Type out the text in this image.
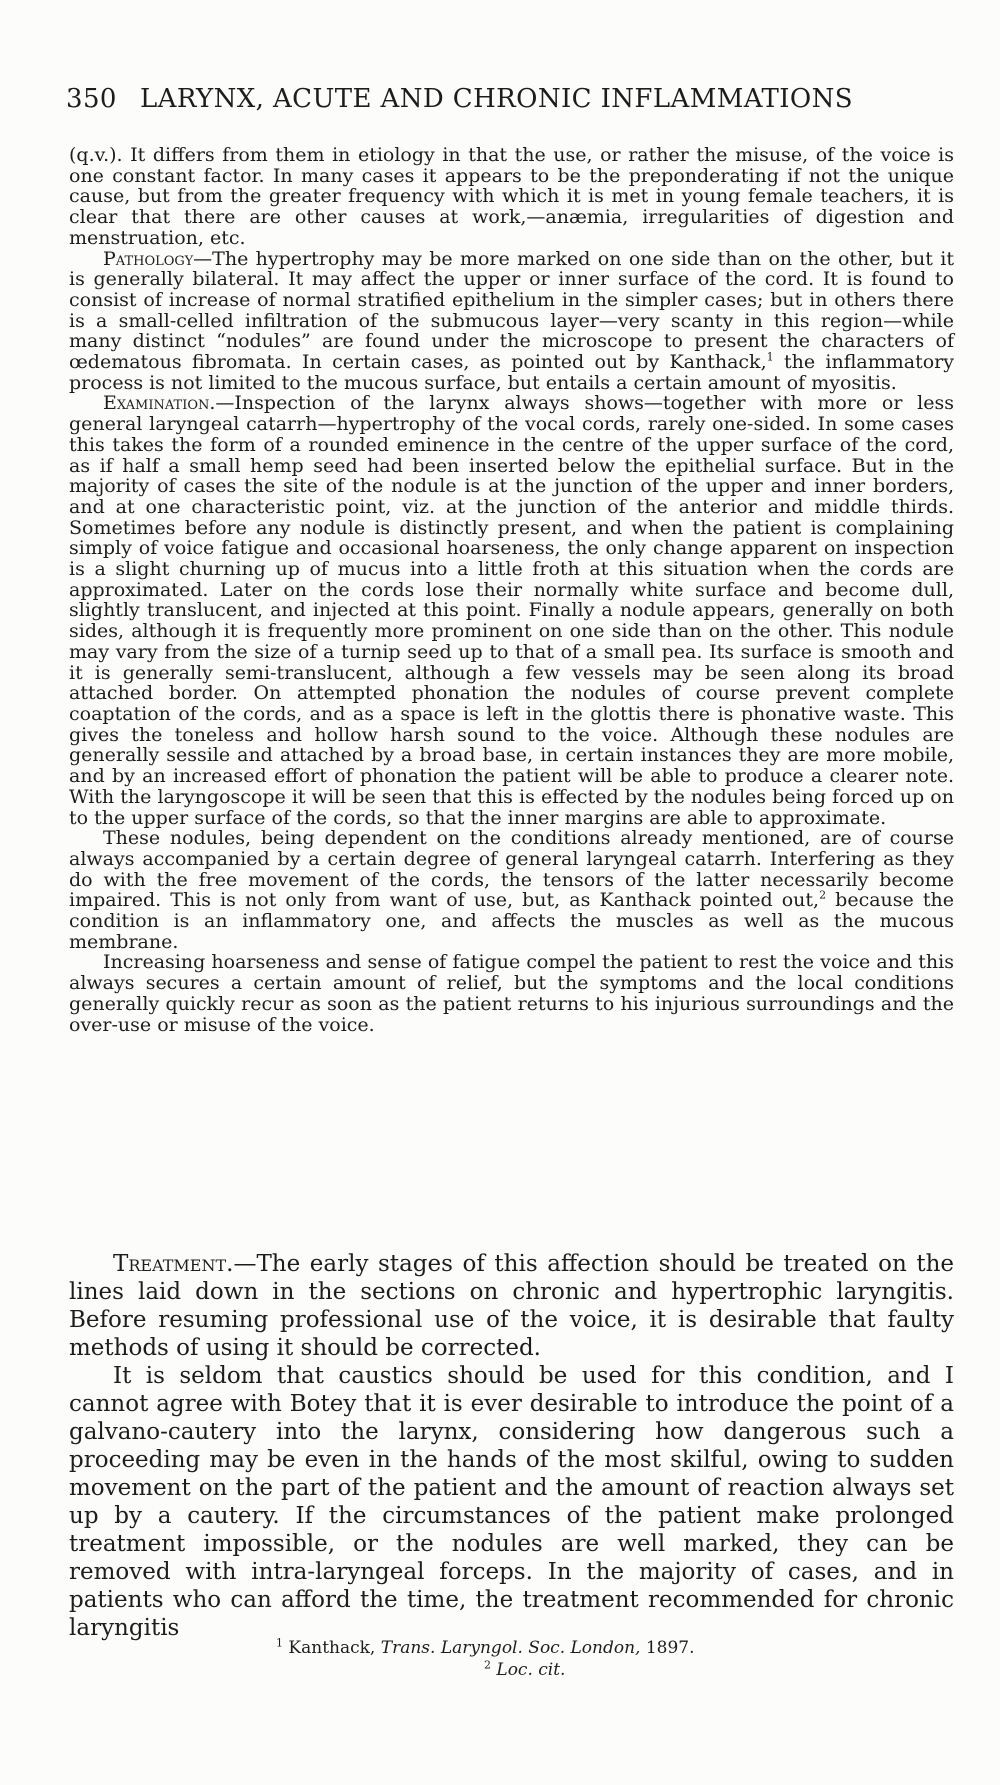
350 LARYNX, ACUTE AND CHRONIC INFLAMMATIONS

(q.v.). It differs from them in etiology in that the use, or rather the misuse, of the voice is one constant factor. In many cases it appears to be the preponderating if not the unique cause, but from the greater frequency with which it is met in young female teachers, it is clear that there are other causes at work,—anæmia, irregularities of digestion and menstruation, etc.

Pathology—The hypertrophy may be more marked on one side than on the other, but it is generally bilateral. It may affect the upper or inner surface of the cord. It is found to consist of increase of normal stratified epithelium in the simpler cases; but in others there is a small-celled infiltration of the submucous layer—very scanty in this region—while many distinct “nodules” are found under the microscope to present the characters of œdematous fibromata. In certain cases, as pointed out by Kanthack,$^1$ the inflammatory process is not limited to the mucous surface, but entails a certain amount of myositis.

Examination.—Inspection of the larynx always shows—together with more or less general laryngeal catarrh—hypertrophy of the vocal cords, rarely one-sided. In some cases this takes the form of a rounded eminence in the centre of the upper surface of the cord, as if half a small hemp seed had been inserted below the epithelial surface. But in the majority of cases the site of the nodule is at the junction of the upper and inner borders, and at one characteristic point, viz. at the junction of the anterior and middle thirds. Sometimes before any nodule is distinctly present, and when the patient is complaining simply of voice fatigue and occasional hoarseness, the only change apparent on inspection is a slight churning up of mucus into a little froth at this situation when the cords are approximated. Later on the cords lose their normally white surface and become dull, slightly translucent, and injected at this point. Finally a nodule appears, generally on both sides, although it is frequently more prominent on one side than on the other. This nodule may vary from the size of a turnip seed up to that of a small pea. Its surface is smooth and it is generally semi-translucent, although a few vessels may be seen along its broad attached border. On attempted phonation the nodules of course prevent complete coaptation of the cords, and as a space is left in the glottis there is phonative waste. This gives the toneless and hollow harsh sound to the voice. Although these nodules are generally sessile and attached by a broad base, in certain instances they are more mobile, and by an increased effort of phonation the patient will be able to produce a clearer note. With the laryngoscope it will be seen that this is effected by the nodules being forced up on to the upper surface of the cords, so that the inner margins are able to approximate.

These nodules, being dependent on the conditions already mentioned, are of course always accompanied by a certain degree of general laryngeal catarrh. Interfering as they do with the free movement of the cords, the tensors of the latter necessarily become impaired. This is not only from want of use, but, as Kanthack pointed out,$^2$ because the condition is an inflammatory one, and affects the muscles as well as the mucous membrane.

Increasing hoarseness and sense of fatigue compel the patient to rest the voice and this always secures a certain amount of relief, but the symptoms and the local conditions generally quickly recur as soon as the patient returns to his injurious surroundings and the over-use or misuse of the voice.

Treatment.—The early stages of this affection should be treated on the lines laid down in the sections on chronic and hypertrophic laryngitis. Before resuming professional use of the voice, it is desirable that faulty methods of using it should be corrected.

It is seldom that caustics should be used for this condition, and I cannot agree with Botey that it is ever desirable to introduce the point of a galvano-cautery into the larynx, considering how dangerous such a proceeding may be even in the hands of the most skilful, owing to sudden movement on the part of the patient and the amount of reaction always set up by a cautery. If the circumstances of the patient make prolonged treatment impossible, or the nodules are well marked, they can be removed with intra-laryngeal forceps. In the majority of cases, and in patients who can afford the time, the treatment recommended for chronic laryngitis

$^1$ Kanthack, Trans. Laryngol. Soc. London, 1897.
$^2$ Loc. cit.
